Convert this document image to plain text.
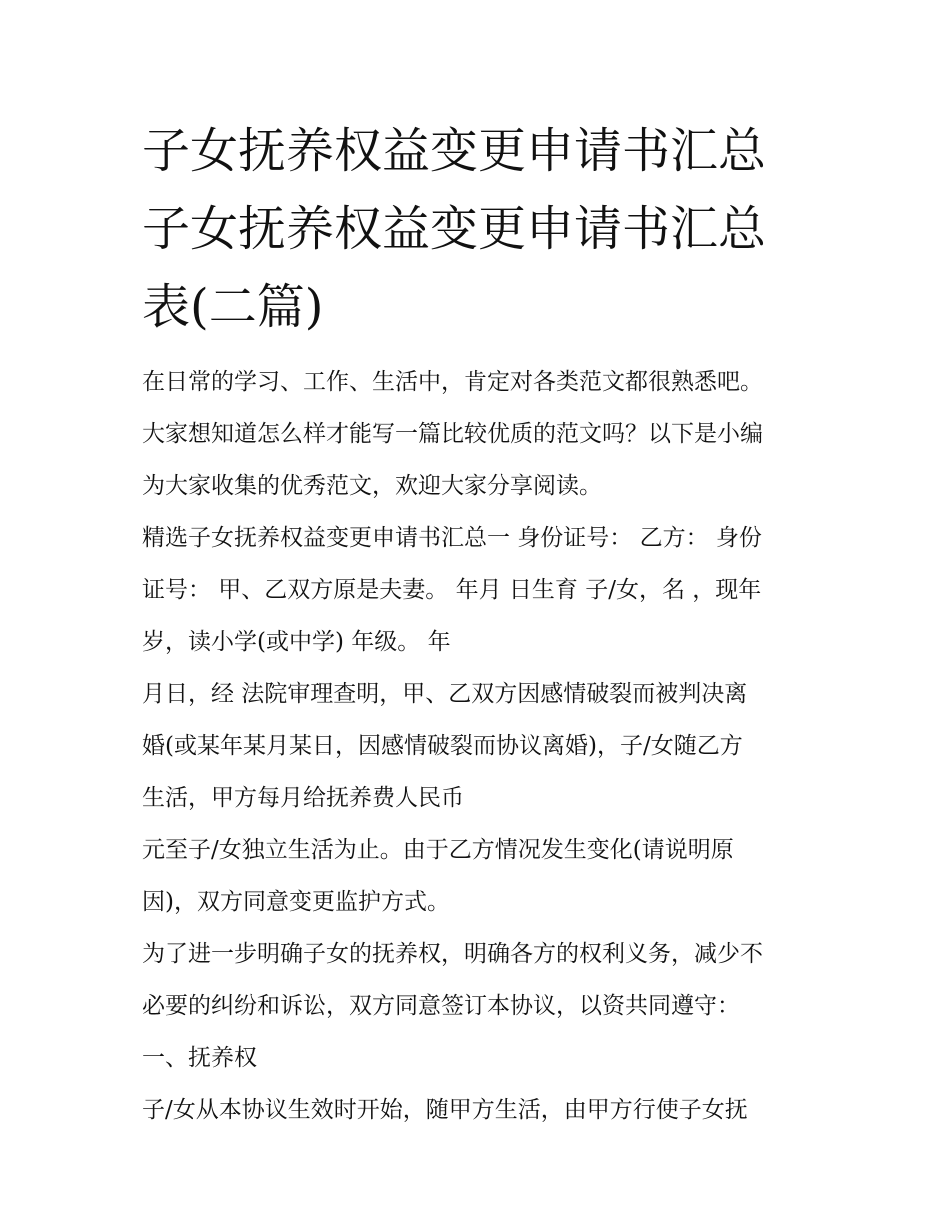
子女抚养权益变更申请书汇总
子女抚养权益变更申请书汇总
表(二篇)
在日常的学习、工作、生活中，肯定对各类范文都很熟悉吧。
大家想知道怎么样才能写一篇比较优质的范文吗？以下是小编
为大家收集的优秀范文，欢迎大家分享阅读。
精选子女抚养权益变更申请书汇总一 身份证号： 乙方： 身份
证号： 甲、乙双方原是夫妻。 年月 日生育 子/女，名 ，现年
岁，读小学(或中学) 年级。 年
月日，经 法院审理查明，甲、乙双方因感情破裂而被判决离
婚(或某年某月某日，因感情破裂而协议离婚)，子/女随乙方
生活，甲方每月给抚养费人民币
元至子/女独立生活为止。由于乙方情况发生变化(请说明原
因)，双方同意变更监护方式。
为了进一步明确子女的抚养权，明确各方的权利义务，减少不
必要的纠纷和诉讼，双方同意签订本协议，以资共同遵守：
一、抚养权
子/女从本协议生效时开始，随甲方生活，由甲方行使子女抚
